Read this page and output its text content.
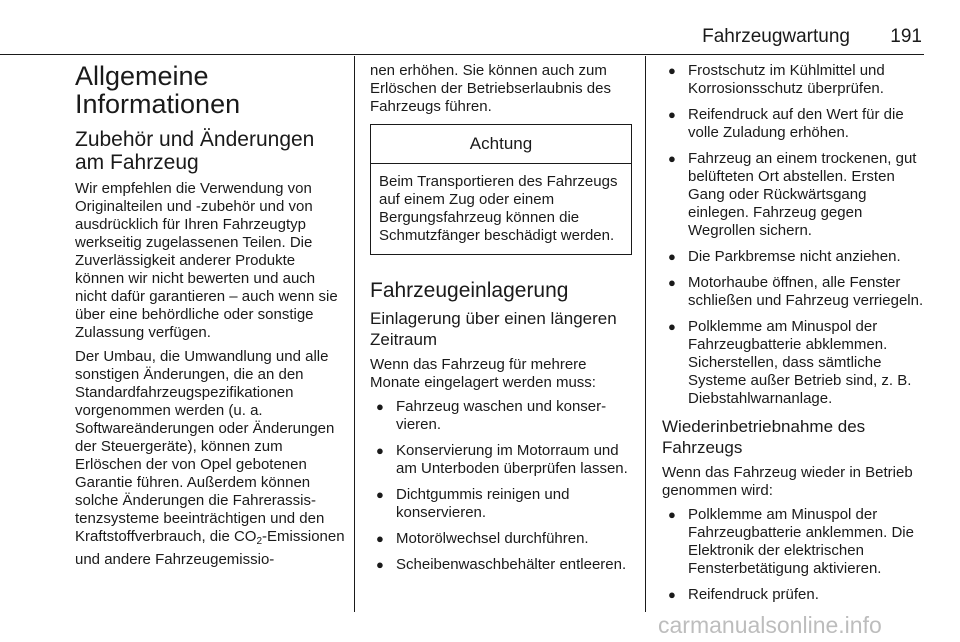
Fahrzeugwartung	191
Allgemeine Informationen
Zubehör und Änderungen am Fahrzeug

Wir empfehlen die Verwendung von Originalteilen und -zubehör und von ausdrücklich für Ihren Fahrzeugtyp werkseitig zugelassenen Teilen. Die Zuverlässigkeit anderer Produkte können wir nicht bewerten und auch nicht dafür garantieren – auch wenn sie über eine behördliche oder sonstige Zulassung verfügen.

Der Umbau, die Umwandlung und alle sonstigen Änderungen, die an den Standardfahrzeugspezifikationen vorgenommen werden (u. a. Softwareänderungen oder Änderungen der Steuergeräte), können zum Erlöschen der von Opel gebotenen Garantie führen. Außerdem können solche Änderungen die Fahrerassistenzsysteme beeinträchtigen und den Kraftstoffverbrauch, die $CO_2$-Emissionen und andere Fahrzeugemissio-

nen erhöhen. Sie können auch zum Erlöschen der Betriebserlaubnis des Fahrzeugs führen.

Achtung
Beim Transportieren des Fahrzeugs auf einem Zug oder einem Bergungsfahrzeug können die Schmutzfänger beschädigt werden.
Fahrzeugeinlagerung
Einlagerung über einen längeren Zeitraum

Wenn das Fahrzeug für mehrere Monate eingelagert werden muss:

● Fahrzeug waschen und konservieren.
● Konservierung im Motorraum und am Unterboden überprüfen lassen.
● Dichtgummis reinigen und konservieren.
● Motorölwechsel durchführen.
● Scheibenwaschbehälter entleeren.
● Frostschutz im Kühlmittel und Korrosionsschutz überprüfen.
● Reifendruck auf den Wert für die volle Zuladung erhöhen.
● Fahrzeug an einem trockenen, gut belüfteten Ort abstellen. Ersten Gang oder Rückwärtsgang einlegen. Fahrzeug gegen Wegrollen sichern.
● Die Parkbremse nicht anziehen.
● Motorhaube öffnen, alle Fenster schließen und Fahrzeug verriegeln.
● Polklemme am Minuspol der Fahrzeugbatterie abklemmen. Sicherstellen, dass sämtliche Systeme außer Betrieb sind, z. B. Diebstahlwarnanlage.
Wiederinbetriebnahme des Fahrzeugs

Wenn das Fahrzeug wieder in Betrieb genommen wird:

● Polklemme am Minuspol der Fahrzeugbatterie anklemmen. Die Elektronik der elektrischen Fensterbetätigung aktivieren.
● Reifendruck prüfen.
carmanualsonline.info
